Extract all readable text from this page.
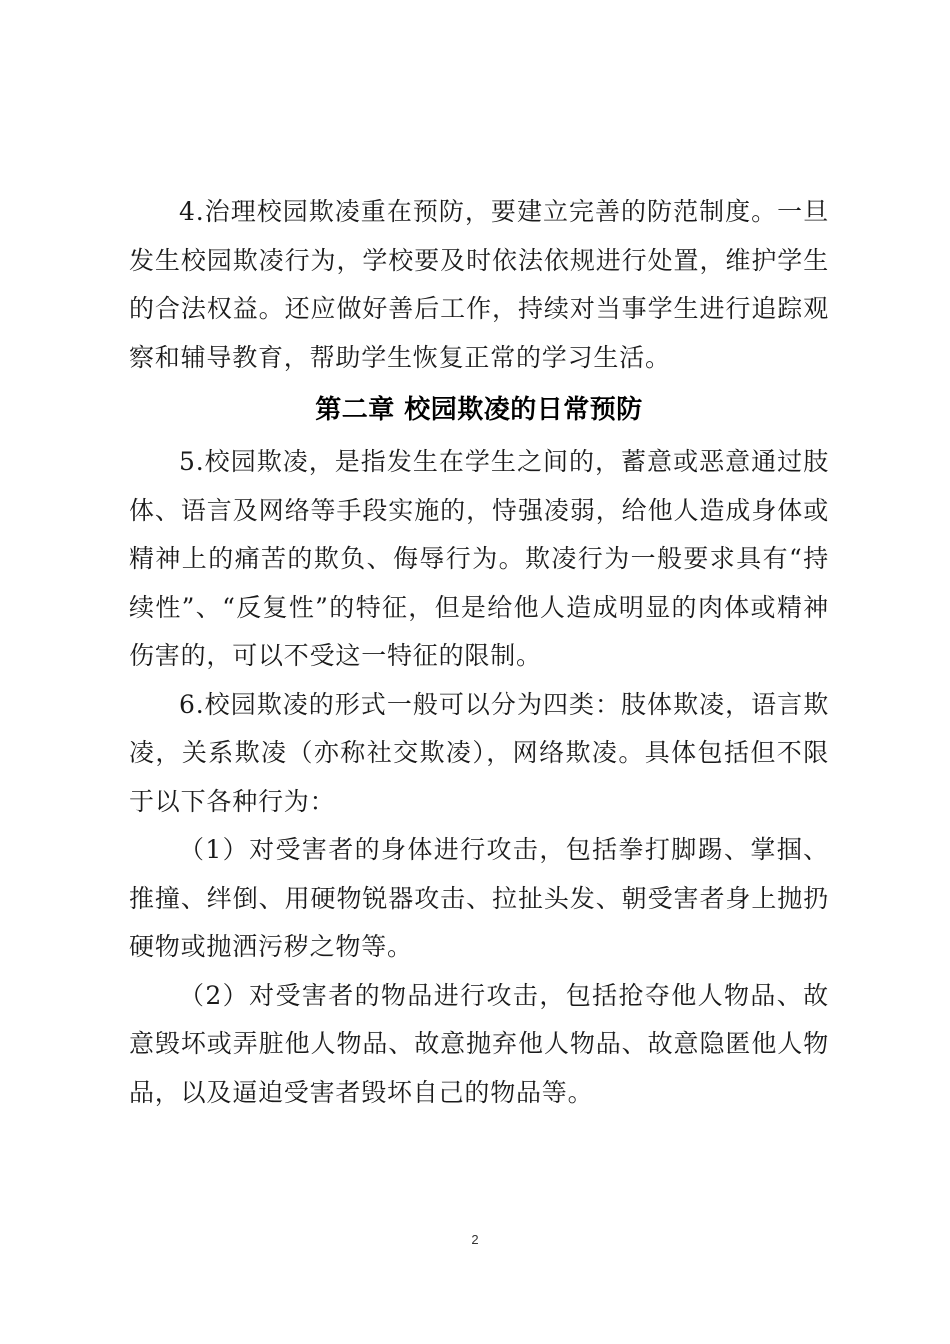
4.治理校园欺凌重在预防，要建立完善的防范制度。一旦发生校园欺凌行为，学校要及时依法依规进行处置，维护学生的合法权益。还应做好善后工作，持续对当事学生进行追踪观察和辅导教育，帮助学生恢复正常的学习生活。

第二章 校园欺凌的日常预防

5.校园欺凌，是指发生在学生之间的，蓄意或恶意通过肢体、语言及网络等手段实施的，恃强凌弱，给他人造成身体或精神上的痛苦的欺负、侮辱行为。欺凌行为一般要求具有“持续性”、“反复性”的特征，但是给他人造成明显的肉体或精神伤害的，可以不受这一特征的限制。

6.校园欺凌的形式一般可以分为四类：肢体欺凌，语言欺凌，关系欺凌（亦称社交欺凌），网络欺凌。具体包括但不限于以下各种行为：

（1）对受害者的身体进行攻击，包括拳打脚踢、掌掴、推撞、绊倒、用硬物锐器攻击、拉扯头发、朝受害者身上抛扔硬物或抛洒污秽之物等。

（2）对受害者的物品进行攻击，包括抢夺他人物品、故意毁坏或弄脏他人物品、故意抛弃他人物品、故意隐匿他人物品，以及逼迫受害者毁坏自己的物品等。

2
